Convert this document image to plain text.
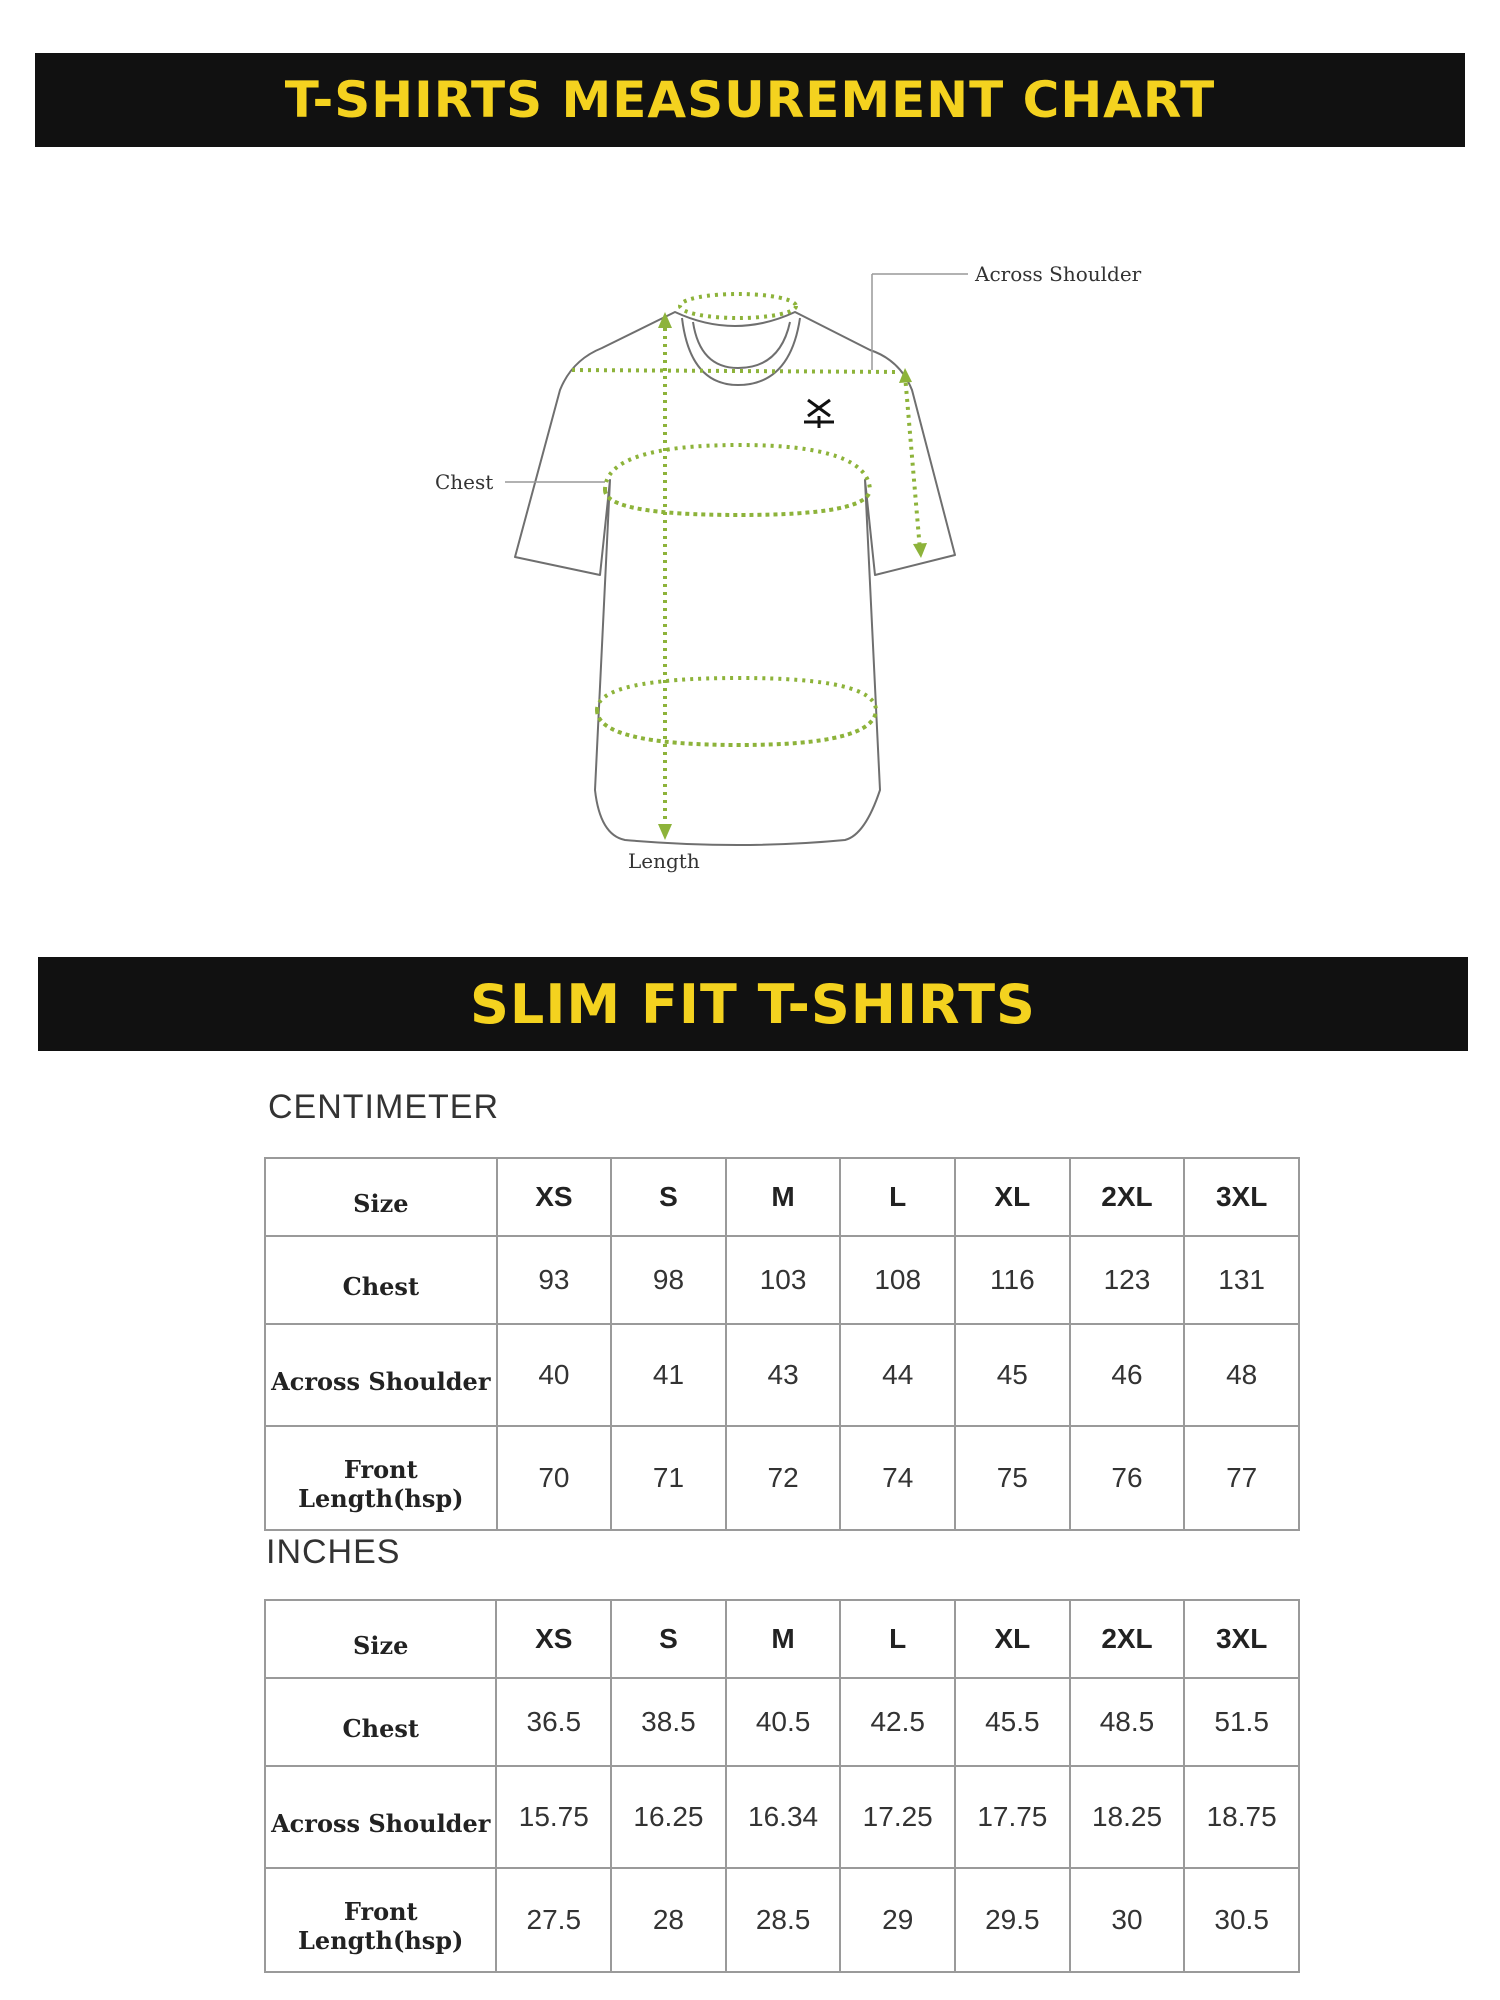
T-SHIRTS MEASUREMENT CHART
Across Shoulder
Chest
Length
SLIM FIT T-SHIRTS
CENTIMETER
Size	XS	S	M	L	XL	2XL	3XL
Chest	93	98	103	108	116	123	131
Across Shoulder	40	41	43	44	45	46	48
Front Length(hsp)	70	71	72	74	75	76	77
INCHES
Size	XS	S	M	L	XL	2XL	3XL
Chest	36.5	38.5	40.5	42.5	45.5	48.5	51.5
Across Shoulder	15.75	16.25	16.34	17.25	17.75	18.25	18.75
Front Length(hsp)	27.5	28	28.5	29	29.5	30	30.5
